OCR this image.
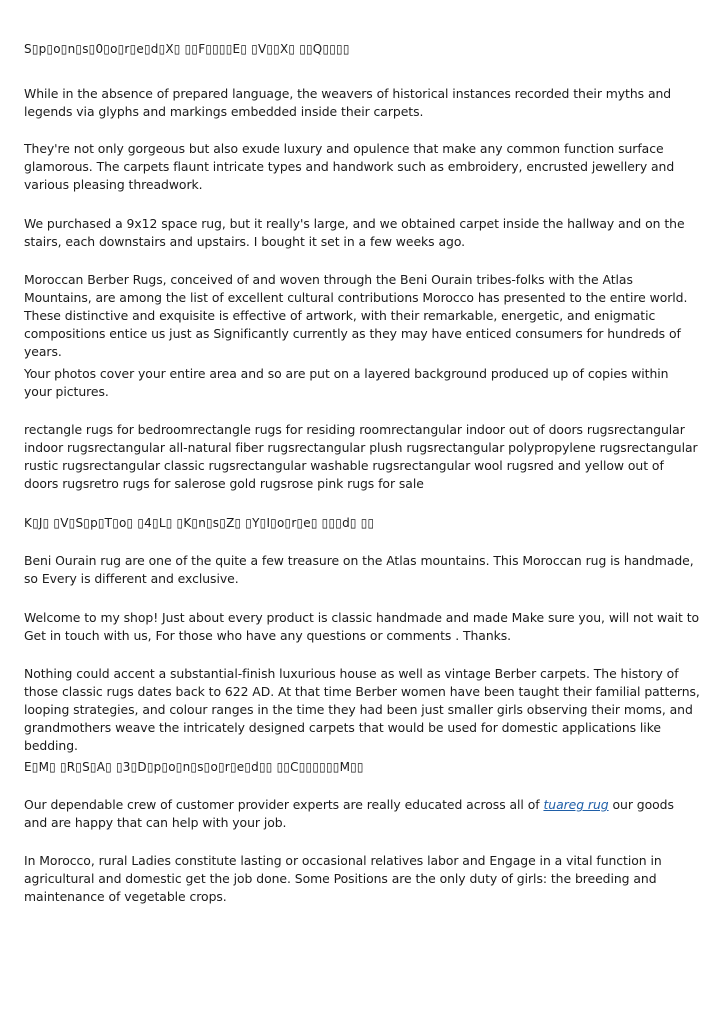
S▯p▯o▯n▯s▯0▯o▯r▯e▯d▯X▯ ▯▯F▯▯▯▯E▯ ▯V▯▯X▯ ▯▯Q▯▯▯▯

While in the absence of prepared language, the weavers of historical instances recorded their myths and legends via glyphs and markings embedded inside their carpets.

They're not only gorgeous but also exude luxury and opulence that make any common function surface glamorous. The carpets flaunt intricate types and handwork such as embroidery, encrusted jewellery and various pleasing threadwork.

We purchased a 9x12 space rug, but it really's large, and we obtained carpet inside the hallway and on the stairs, each downstairs and upstairs. I bought it set in a few weeks ago.

Moroccan Berber Rugs, conceived of and woven through the Beni Ourain tribes-folks with the Atlas Mountains, are among the list of excellent cultural contributions Morocco has presented to the entire world. These distinctive and exquisite is effective of artwork, with their remarkable, energetic, and enigmatic compositions entice us just as Significantly currently as they may have enticed consumers for hundreds of years.

Your photos cover your entire area and so are put on a layered background produced up of copies within your pictures.

rectangle rugs for bedroomrectangle rugs for residing roomrectangular indoor out of doors rugsrectangular indoor rugsrectangular all-natural fiber rugsrectangular plush rugsrectangular polypropylene rugsrectangular rustic rugsrectangular classic rugsrectangular washable rugsrectangular wool rugsred and yellow out of doors rugsretro rugs for salerose gold rugsrose pink rugs for sale

K▯J▯ ▯V▯S▯p▯T▯o▯ ▯4▯L▯ ▯K▯n▯s▯Z▯ ▯Y▯I▯o▯r▯e▯ ▯▯▯d▯ ▯▯

Beni Ourain rug are one of the quite a few treasure on the Atlas mountains. This Moroccan rug is handmade, so Every is different and exclusive.

Welcome to my shop! Just about every product is classic handmade and made Make sure you, will not wait to Get in touch with us, For those who have any questions or comments . Thanks.

Nothing could accent a substantial-finish luxurious house as well as vintage Berber carpets. The history of those classic rugs dates back to 622 AD. At that time Berber women have been taught their familial patterns, looping strategies, and colour ranges in the time they had been just smaller girls observing their moms, and grandmothers weave the intricately designed carpets that would be used for domestic applications like bedding.

E▯M▯ ▯R▯S▯A▯ ▯3▯D▯p▯o▯n▯s▯o▯r▯e▯d▯▯ ▯▯C▯▯▯▯▯▯M▯▯

Our dependable crew of customer provider experts are really educated across all of tuareg rug our goods and are happy that can help with your job.

In Morocco, rural Ladies constitute lasting or occasional relatives labor and Engage in a vital function in agricultural and domestic get the job done. Some Positions are the only duty of girls: the breeding and maintenance of vegetable crops.
